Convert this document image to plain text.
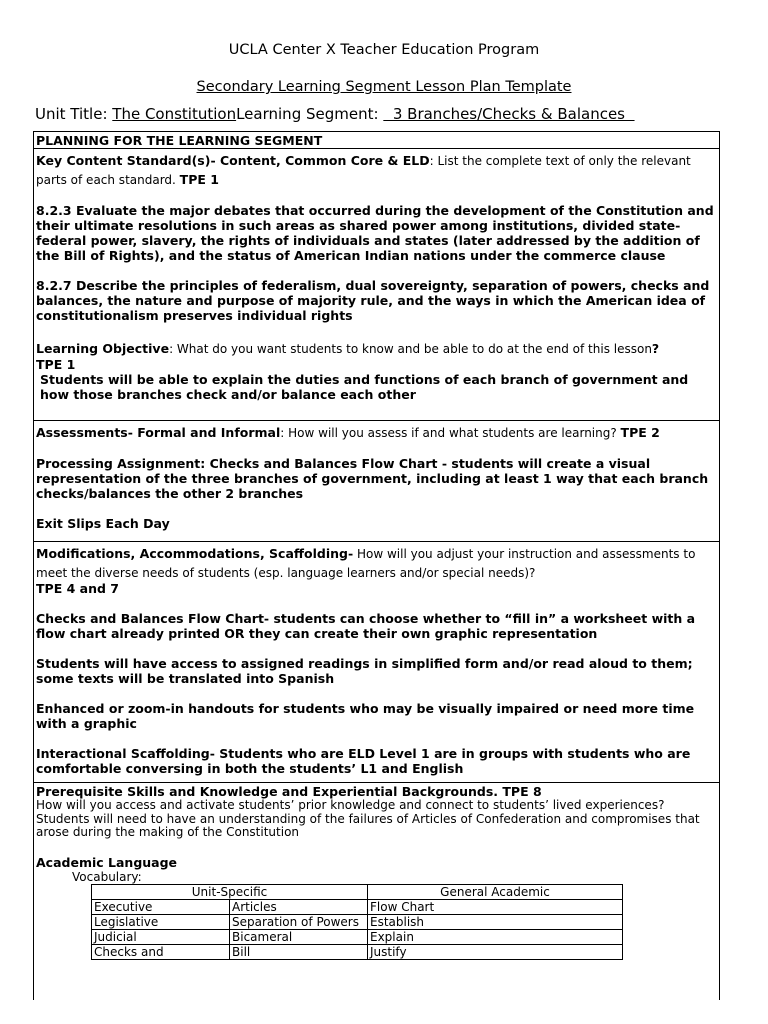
UCLA Center X Teacher Education Program
Secondary Learning Segment Lesson Plan Template
Unit Title: The ConstitutionLearning Segment:   3 Branches/Checks & Balances
PLANNING FOR THE LEARNING SEGMENT
Key Content Standard(s)- Content, Common Core & ELD: List the complete text of only the relevant parts of each standard. TPE 1
8.2.3 Evaluate the major debates that occurred during the development of the Constitution and their ultimate resolutions in such areas as shared power among institutions, divided state-federal power, slavery, the rights of individuals and states (later addressed by the addition of the Bill of Rights), and the status of American Indian nations under the commerce clause
8.2.7 Describe the principles of federalism, dual sovereignty, separation of powers, checks and balances, the nature and purpose of majority rule, and the ways in which the American idea of constitutionalism preserves individual rights
Learning Objective: What do you want students to know and be able to do at the end of this lesson?
TPE 1
Students will be able to explain the duties and functions of each branch of government and how those branches check and/or balance each other
Assessments- Formal and Informal: How will you assess if and what students are learning? TPE 2
Processing Assignment: Checks and Balances Flow Chart - students will create a visual representation of the three branches of government, including at least 1 way that each branch checks/balances the other 2 branches
Exit Slips Each Day
Modifications, Accommodations, Scaffolding- How will you adjust your instruction and assessments to meet the diverse needs of students (esp. language learners and/or special needs)?
TPE 4 and 7
Checks and Balances Flow Chart- students can choose whether to “fill in” a worksheet with a flow chart already printed OR they can create their own graphic representation
Students will have access to assigned readings in simplified form and/or read aloud to them; some texts will be translated into Spanish
Enhanced or zoom-in handouts for students who may be visually impaired or need more time with a graphic
Interactional Scaffolding- Students who are ELD Level 1 are in groups with students who are comfortable conversing in both the students’ L1 and English
Prerequisite Skills and Knowledge and Experiential Backgrounds. TPE 8
How will you access and activate students’ prior knowledge and connect to students’ lived experiences?
Students will need to have an understanding of the failures of Articles of Confederation and compromises that arose during the making of the Constitution
Academic Language
Vocabulary:
Unit-Specific		General Academic
Executive	Articles	Flow Chart
Legislative	Separation of Powers	Establish
Judicial	Bicameral	Explain
Checks and	Bill	Justify
